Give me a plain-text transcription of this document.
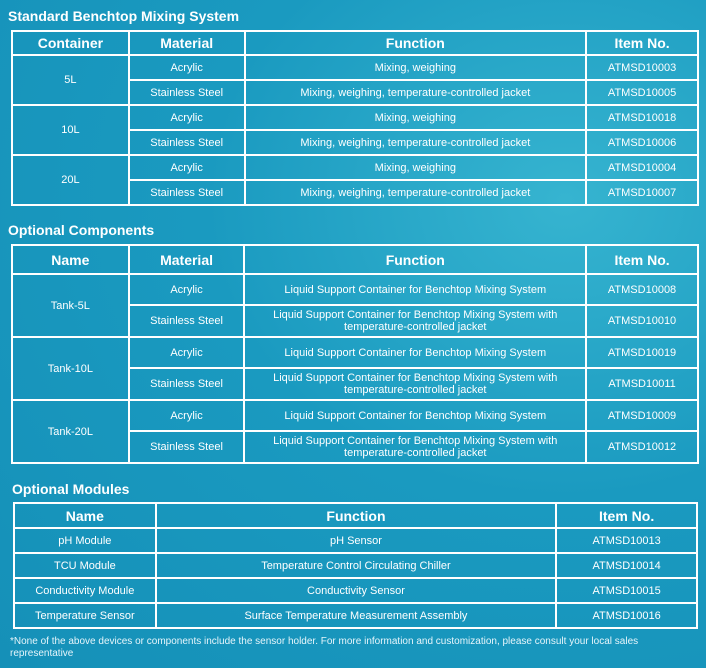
Standard Benchtop Mixing System
Container	Material	Function	Item No.
5L	Acrylic	Mixing, weighing	ATMSD10003
	Stainless Steel	Mixing, weighing, temperature-controlled jacket	ATMSD10005
10L	Acrylic	Mixing, weighing	ATMSD10018
	Stainless Steel	Mixing, weighing, temperature-controlled jacket	ATMSD10006
20L	Acrylic	Mixing, weighing	ATMSD10004
	Stainless Steel	Mixing, weighing, temperature-controlled jacket	ATMSD10007
Optional Components
Name	Material	Function	Item No.
Tank-5L	Acrylic	Liquid Support Container for Benchtop Mixing System	ATMSD10008
	Stainless Steel	Liquid Support Container for Benchtop Mixing System with temperature-controlled jacket	ATMSD10010
Tank-10L	Acrylic	Liquid Support Container for Benchtop Mixing System	ATMSD10019
	Stainless Steel	Liquid Support Container for Benchtop Mixing System with temperature-controlled jacket	ATMSD10011
Tank-20L	Acrylic	Liquid Support Container for Benchtop Mixing System	ATMSD10009
	Stainless Steel	Liquid Support Container for Benchtop Mixing System with temperature-controlled jacket	ATMSD10012
Optional Modules
Name	Function	Item No.
pH Module	pH Sensor	ATMSD10013
TCU Module	Temperature Control Circulating Chiller	ATMSD10014
Conductivity Module	Conductivity Sensor	ATMSD10015
Temperature Sensor	Surface Temperature Measurement Assembly	ATMSD10016
*None of the above devices or components include the sensor holder. For more information and customization, please consult your local sales representative
